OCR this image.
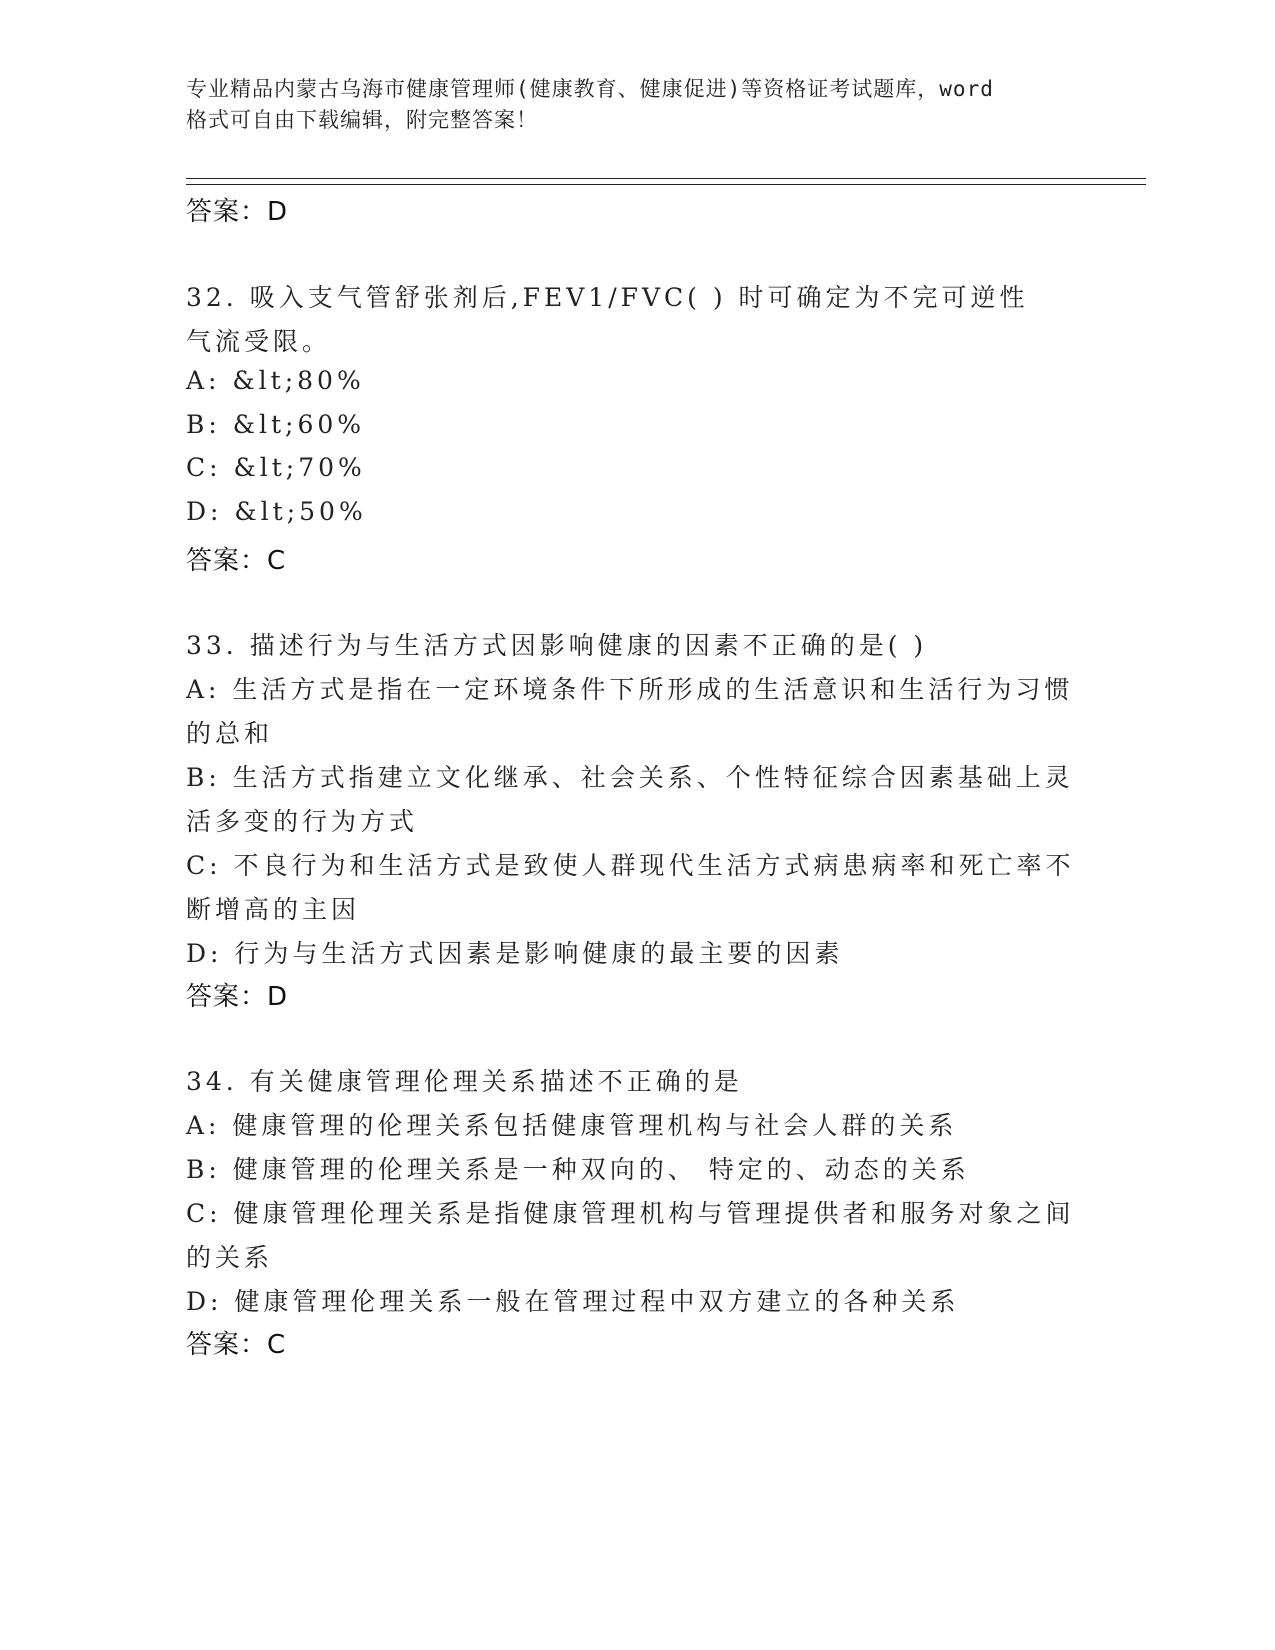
专业精品内蒙古乌海市健康管理师(健康教育、健康促进)等资格证考试题库，word
格式可自由下载编辑，附完整答案！
答案：D
32. 吸入支气管舒张剂后,FEV1/FVC( ) 时可确定为不完可逆性
气流受限。
A: &lt;80%
B: &lt;60%
C: &lt;70%
D: &lt;50%
答案：C
33. 描述行为与生活方式因影响健康的因素不正确的是( )
A: 生活方式是指在一定环境条件下所形成的生活意识和生活行为习惯
的总和
B: 生活方式指建立文化继承、社会关系、个性特征综合因素基础上灵
活多变的行为方式
C: 不良行为和生活方式是致使人群现代生活方式病患病率和死亡率不
断增高的主因
D: 行为与生活方式因素是影响健康的最主要的因素
答案：D
34. 有关健康管理伦理关系描述不正确的是
A: 健康管理的伦理关系包括健康管理机构与社会人群的关系
B: 健康管理的伦理关系是一种双向的、 特定的、动态的关系
C: 健康管理伦理关系是指健康管理机构与管理提供者和服务对象之间
的关系
D: 健康管理伦理关系一般在管理过程中双方建立的各种关系
答案：C
